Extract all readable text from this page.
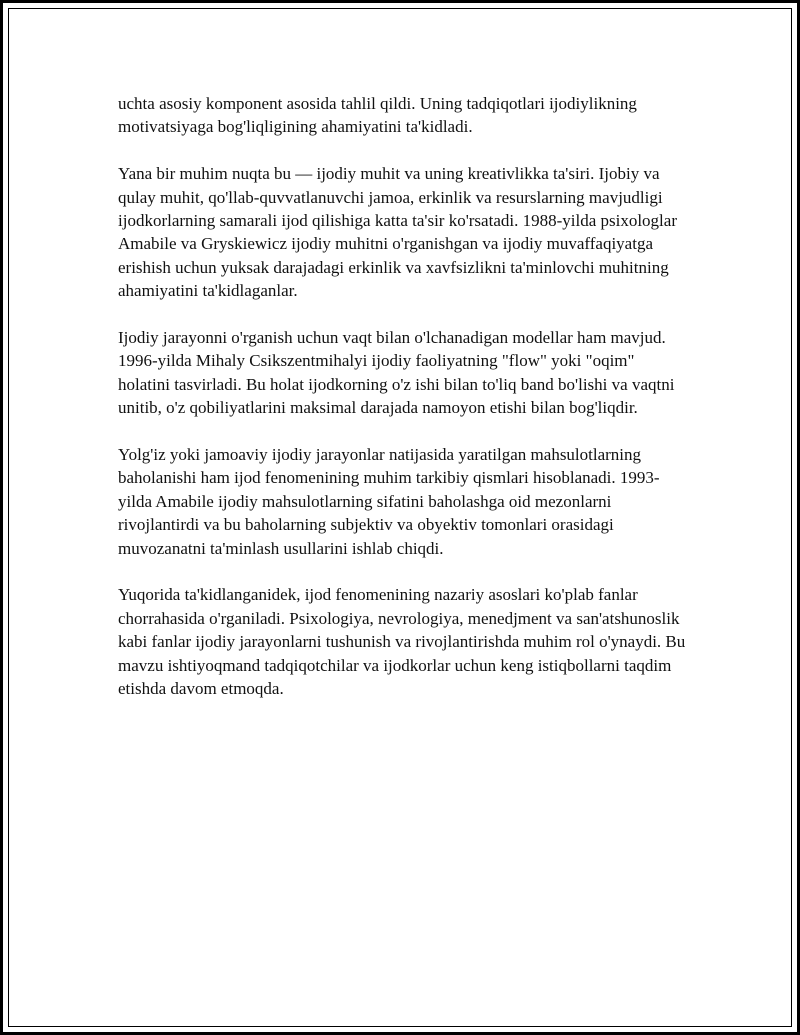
uchta asosiy komponent asosida tahlil qildi. Uning tadqiqotlari ijodiylikning motivatsiyaga bog'liqligining ahamiyatini ta'kidladi.

Yana bir muhim nuqta bu — ijodiy muhit va uning kreativlikka ta'siri. Ijobiy va qulay muhit, qo'llab-quvvatlanuvchi jamoa, erkinlik va resurslarning mavjudligi ijodkorlarning samarali ijod qilishiga katta ta'sir ko'rsatadi. 1988-yilda psixologlar Amabile va Gryskiewicz ijodiy muhitni o'rganishgan va ijodiy muvaffaqiyatga erishish uchun yuksak darajadagi erkinlik va xavfsizlikni ta'minlovchi muhitning ahamiyatini ta'kidlaganlar.

Ijodiy jarayonni o'rganish uchun vaqt bilan o'lchanadigan modellar ham mavjud. 1996-yilda Mihaly Csikszentmihalyi ijodiy faoliyatning "flow" yoki "oqim" holatini tasvirladi. Bu holat ijodkorning o'z ishi bilan to'liq band bo'lishi va vaqtni unitib, o'z qobiliyatlarini maksimal darajada namoyon etishi bilan bog'liqdir.

Yolg'iz yoki jamoaviy ijodiy jarayonlar natijasida yaratilgan mahsulotlarning baholanishi ham ijod fenomenining muhim tarkibiy qismlari hisoblanadi. 1993-yilda Amabile ijodiy mahsulotlarning sifatini baholashga oid mezonlarni rivojlantirdi va bu baholarning subjektiv va obyektiv tomonlari orasidagi muvozanatni ta'minlash usullarini ishlab chiqdi.

Yuqorida ta'kidlanganidek, ijod fenomenining nazariy asoslari ko'plab fanlar chorrahasida o'rganiladi. Psixologiya, nevrologiya, menedjment va san'atshunoslik kabi fanlar ijodiy jarayonlarni tushunish va rivojlantirishda muhim rol o'ynaydi. Bu mavzu ishtiyoqmand tadqiqotchilar va ijodkorlar uchun keng istiqbollarni taqdim etishda davom etmoqda.
